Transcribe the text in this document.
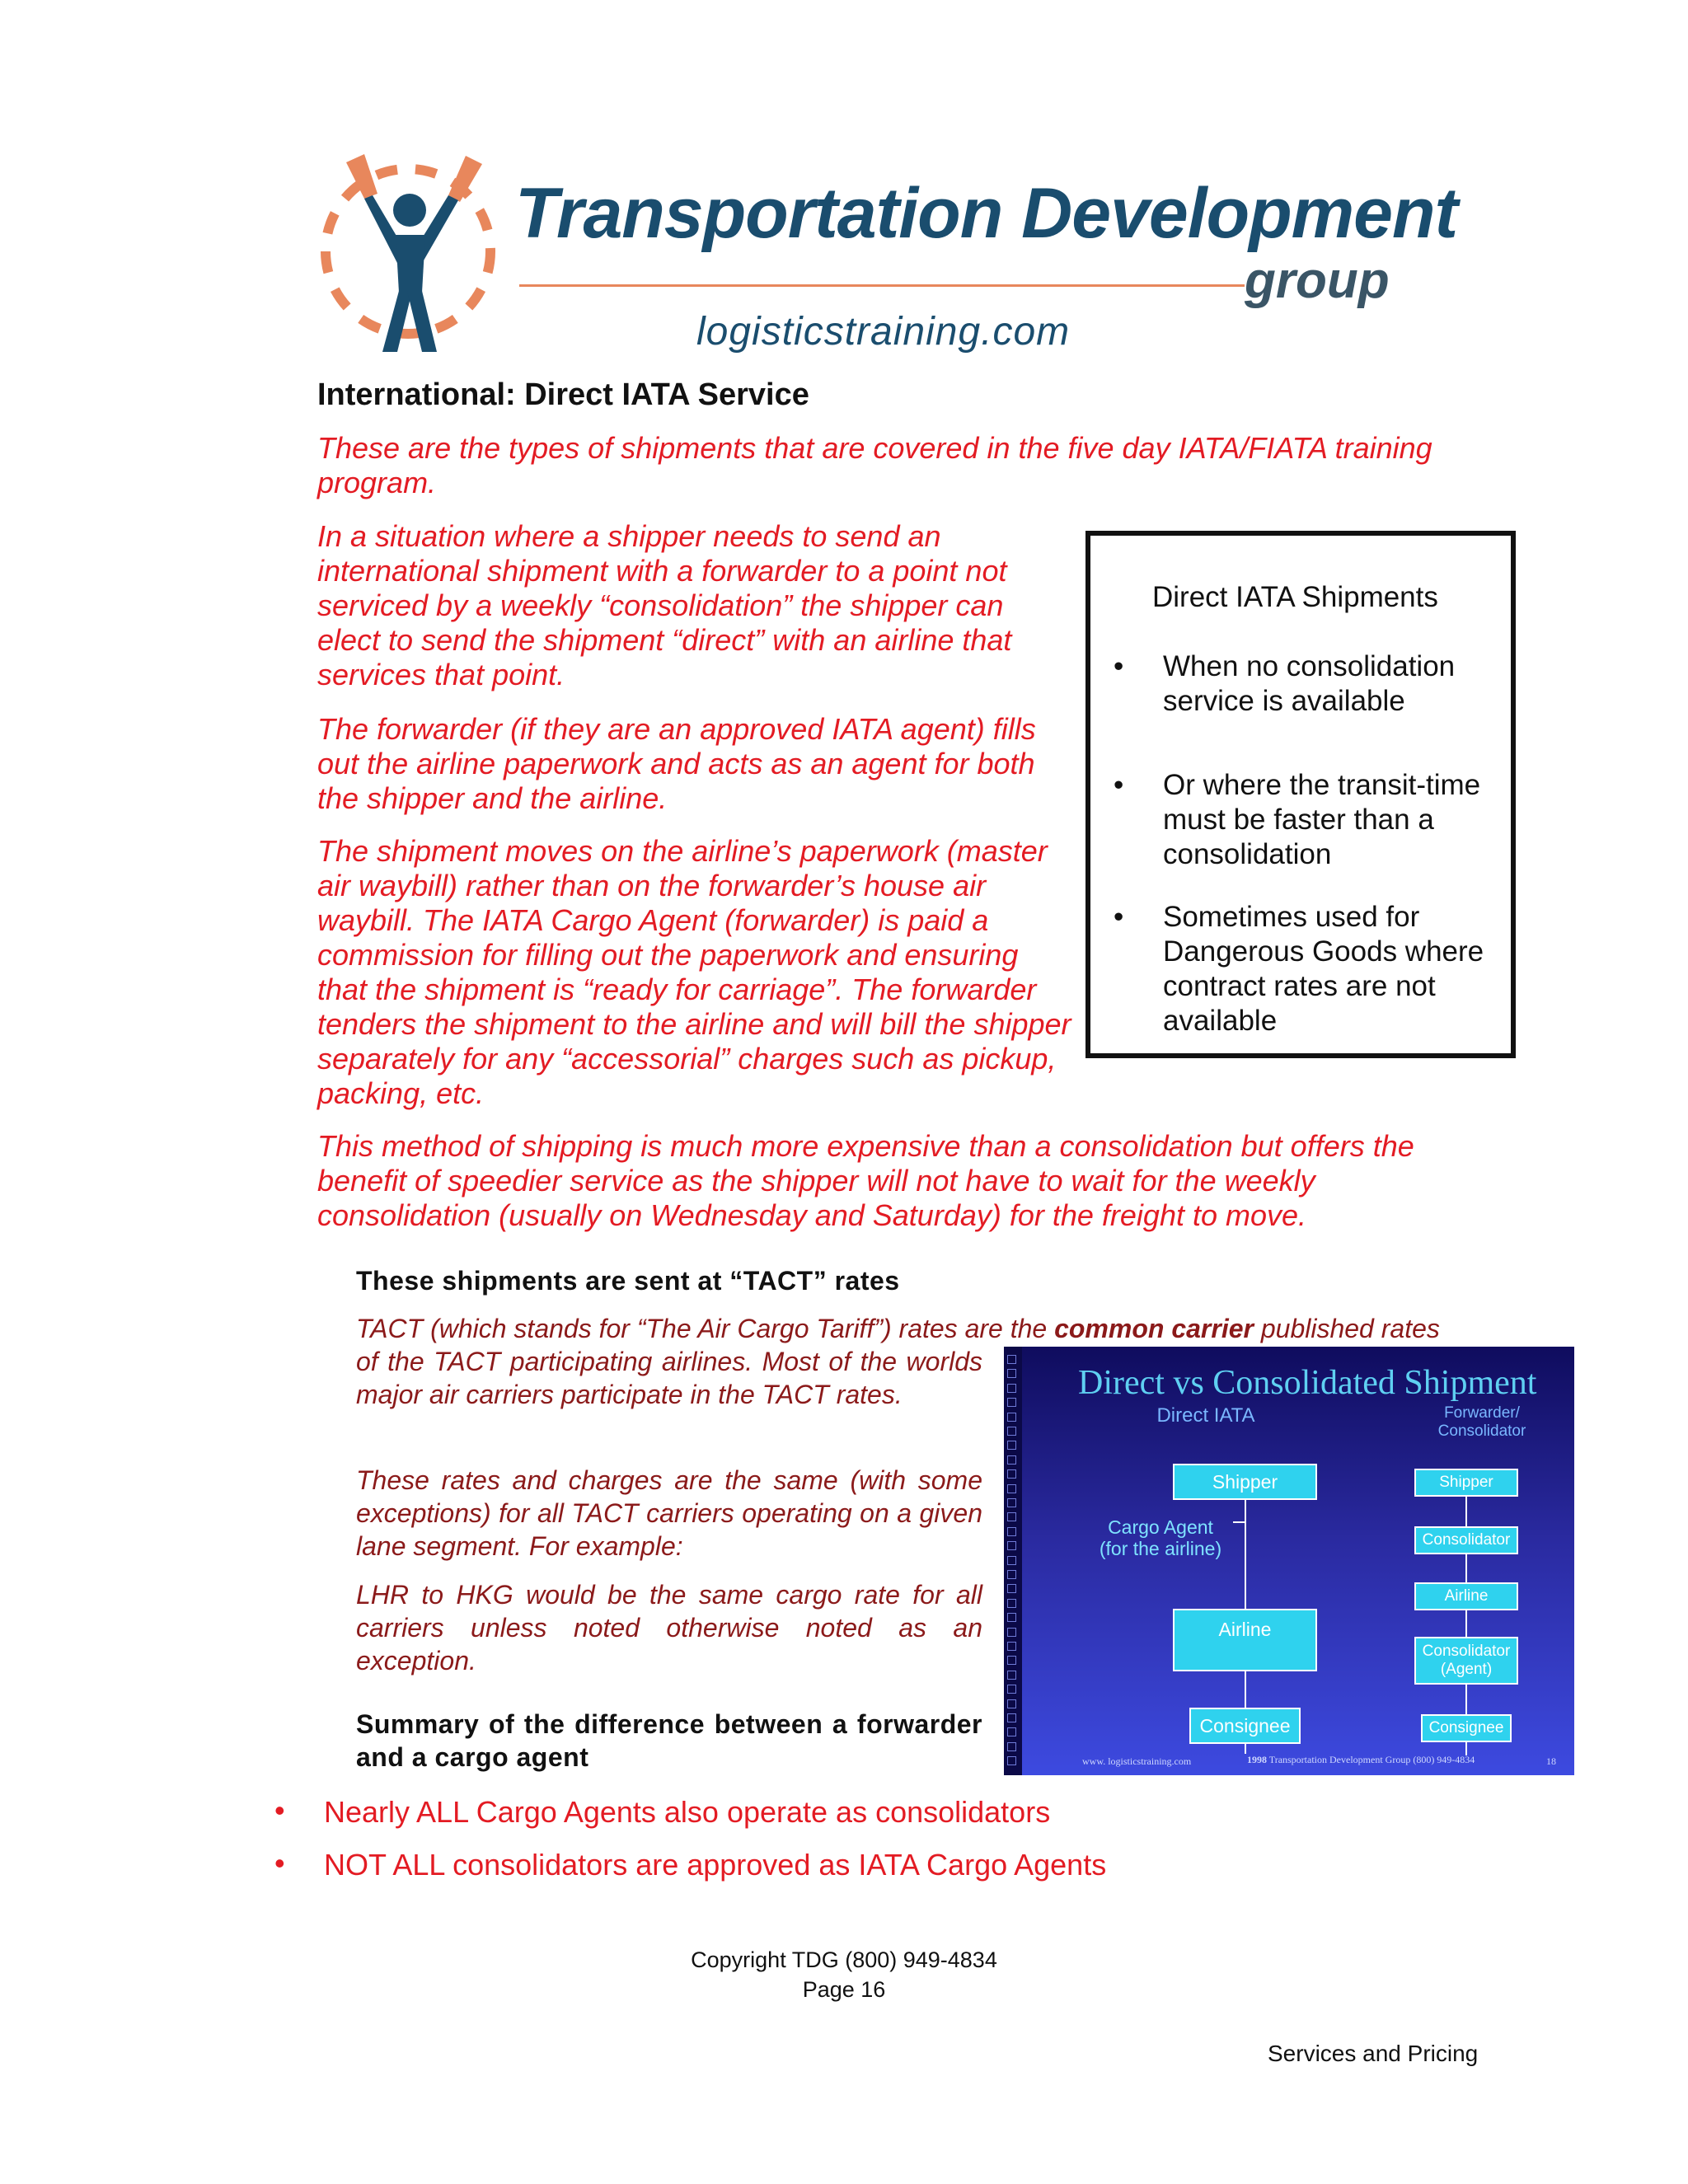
Transportation Development
group
logisticstraining.com
International: Direct IATA Service
These are the types of shipments that are covered in the five day IATA/FIATA training program.
In a situation where a shipper needs to send an international shipment with a forwarder to a point not serviced by a weekly “consolidation” the shipper can elect to send the shipment “direct” with an airline that services that point.
The forwarder (if they are an approved IATA agent) fills out the airline paperwork and acts as an agent for both the shipper and the airline.
The shipment moves on the airline’s paperwork (master air waybill) rather than on the forwarder’s house air waybill. The IATA Cargo Agent (forwarder) is paid a commission for filling out the paperwork and ensuring that the shipment is “ready for carriage”. The forwarder tenders the shipment to the airline and will bill the shipper separately for any “accessorial” charges such as pickup, packing, etc.
This method of shipping is much more expensive than a consolidation but offers the benefit of speedier service as the shipper will not have to wait for the weekly consolidation (usually on Wednesday and Saturday) for the freight to move.
Direct IATA Shipments
• When no consolidation service is available
• Or where the transit-time must be faster than a consolidation
• Sometimes used for Dangerous Goods where contract rates are not available
These shipments are sent at “TACT” rates
TACT (which stands for “The Air Cargo Tariff”) rates are the common carrier published rates
of the TACT participating airlines. Most of the worlds major air carriers participate in the TACT rates.
These rates and charges are the same (with some exceptions) for all TACT carriers operating on a given lane segment. For example:
LHR to HKG would be the same cargo rate for all carriers unless noted otherwise noted as an exception.
Summary of the difference between a forwarder and a cargo agent
Direct vs Consolidated Shipment
Direct IATA	Forwarder/
Consolidator
Shipper
Cargo Agent
(for the airline)
Airline
Consignee
Shipper
Consolidator
Airline
Consolidator
(Agent)
Consignee
www. logisticstraining.com	1998 Transportation Development Group (800) 949-4834	18
• Nearly ALL Cargo Agents also operate as consolidators
• NOT ALL consolidators are approved as IATA Cargo Agents
Copyright TDG (800) 949-4834
Page 16
Services and Pricing
